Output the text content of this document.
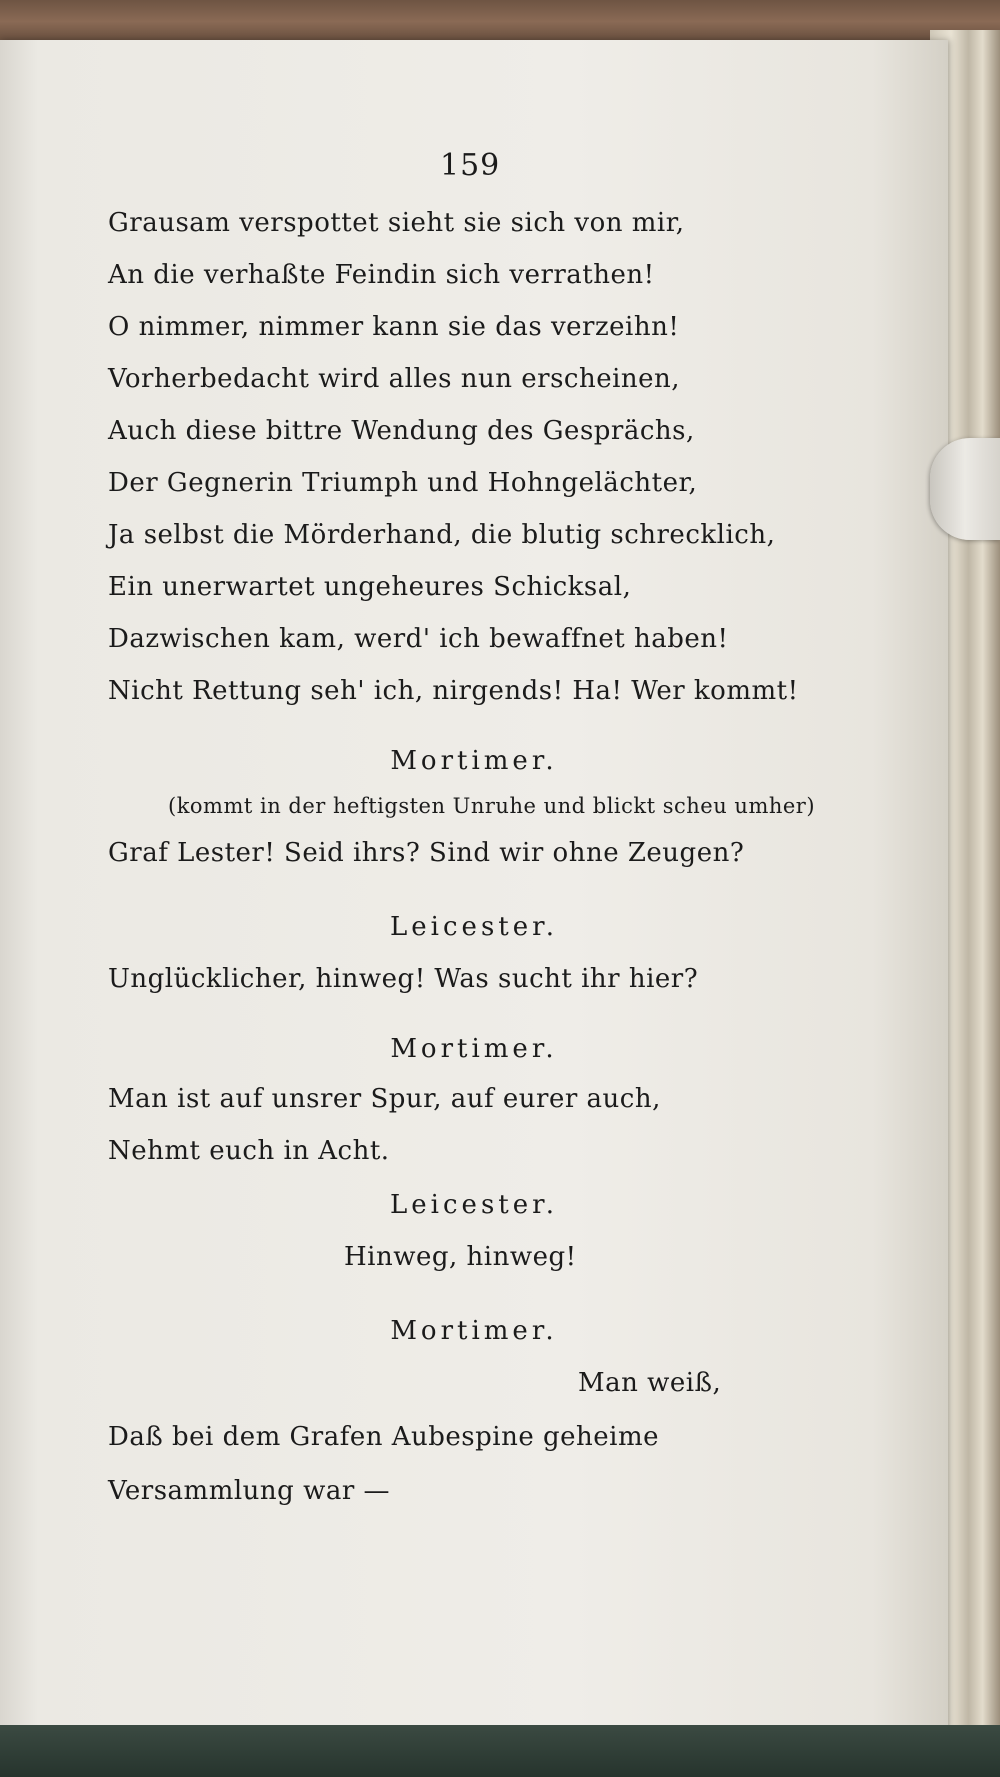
159
Grausam verspottet sieht sie sich von mir,
An die verhaßte Feindin sich verrathen!
O nimmer, nimmer kann sie das verzeihn!
Vorherbedacht wird alles nun erscheinen,
Auch diese bittre Wendung des Gesprächs,
Der Gegnerin Triumph und Hohngelächter,
Ja selbst die Mörderhand, die blutig schrecklich,
Ein unerwartet ungeheures Schicksal,
Dazwischen kam, werd' ich bewaffnet haben!
Nicht Rettung seh' ich, nirgends! Ha! Wer kommt!
Mortimer.
(kommt in der heftigsten Unruhe und blickt scheu umher)
Graf Lester! Seid ihrs? Sind wir ohne Zeugen?
Leicester.
Unglücklicher, hinweg! Was sucht ihr hier?
Mortimer.
Man ist auf unsrer Spur, auf eurer auch,
Nehmt euch in Acht.
Leicester.
Hinweg, hinweg!
Mortimer.
Man weiß,
Daß bei dem Grafen Aubespine geheime
Versammlung war —
